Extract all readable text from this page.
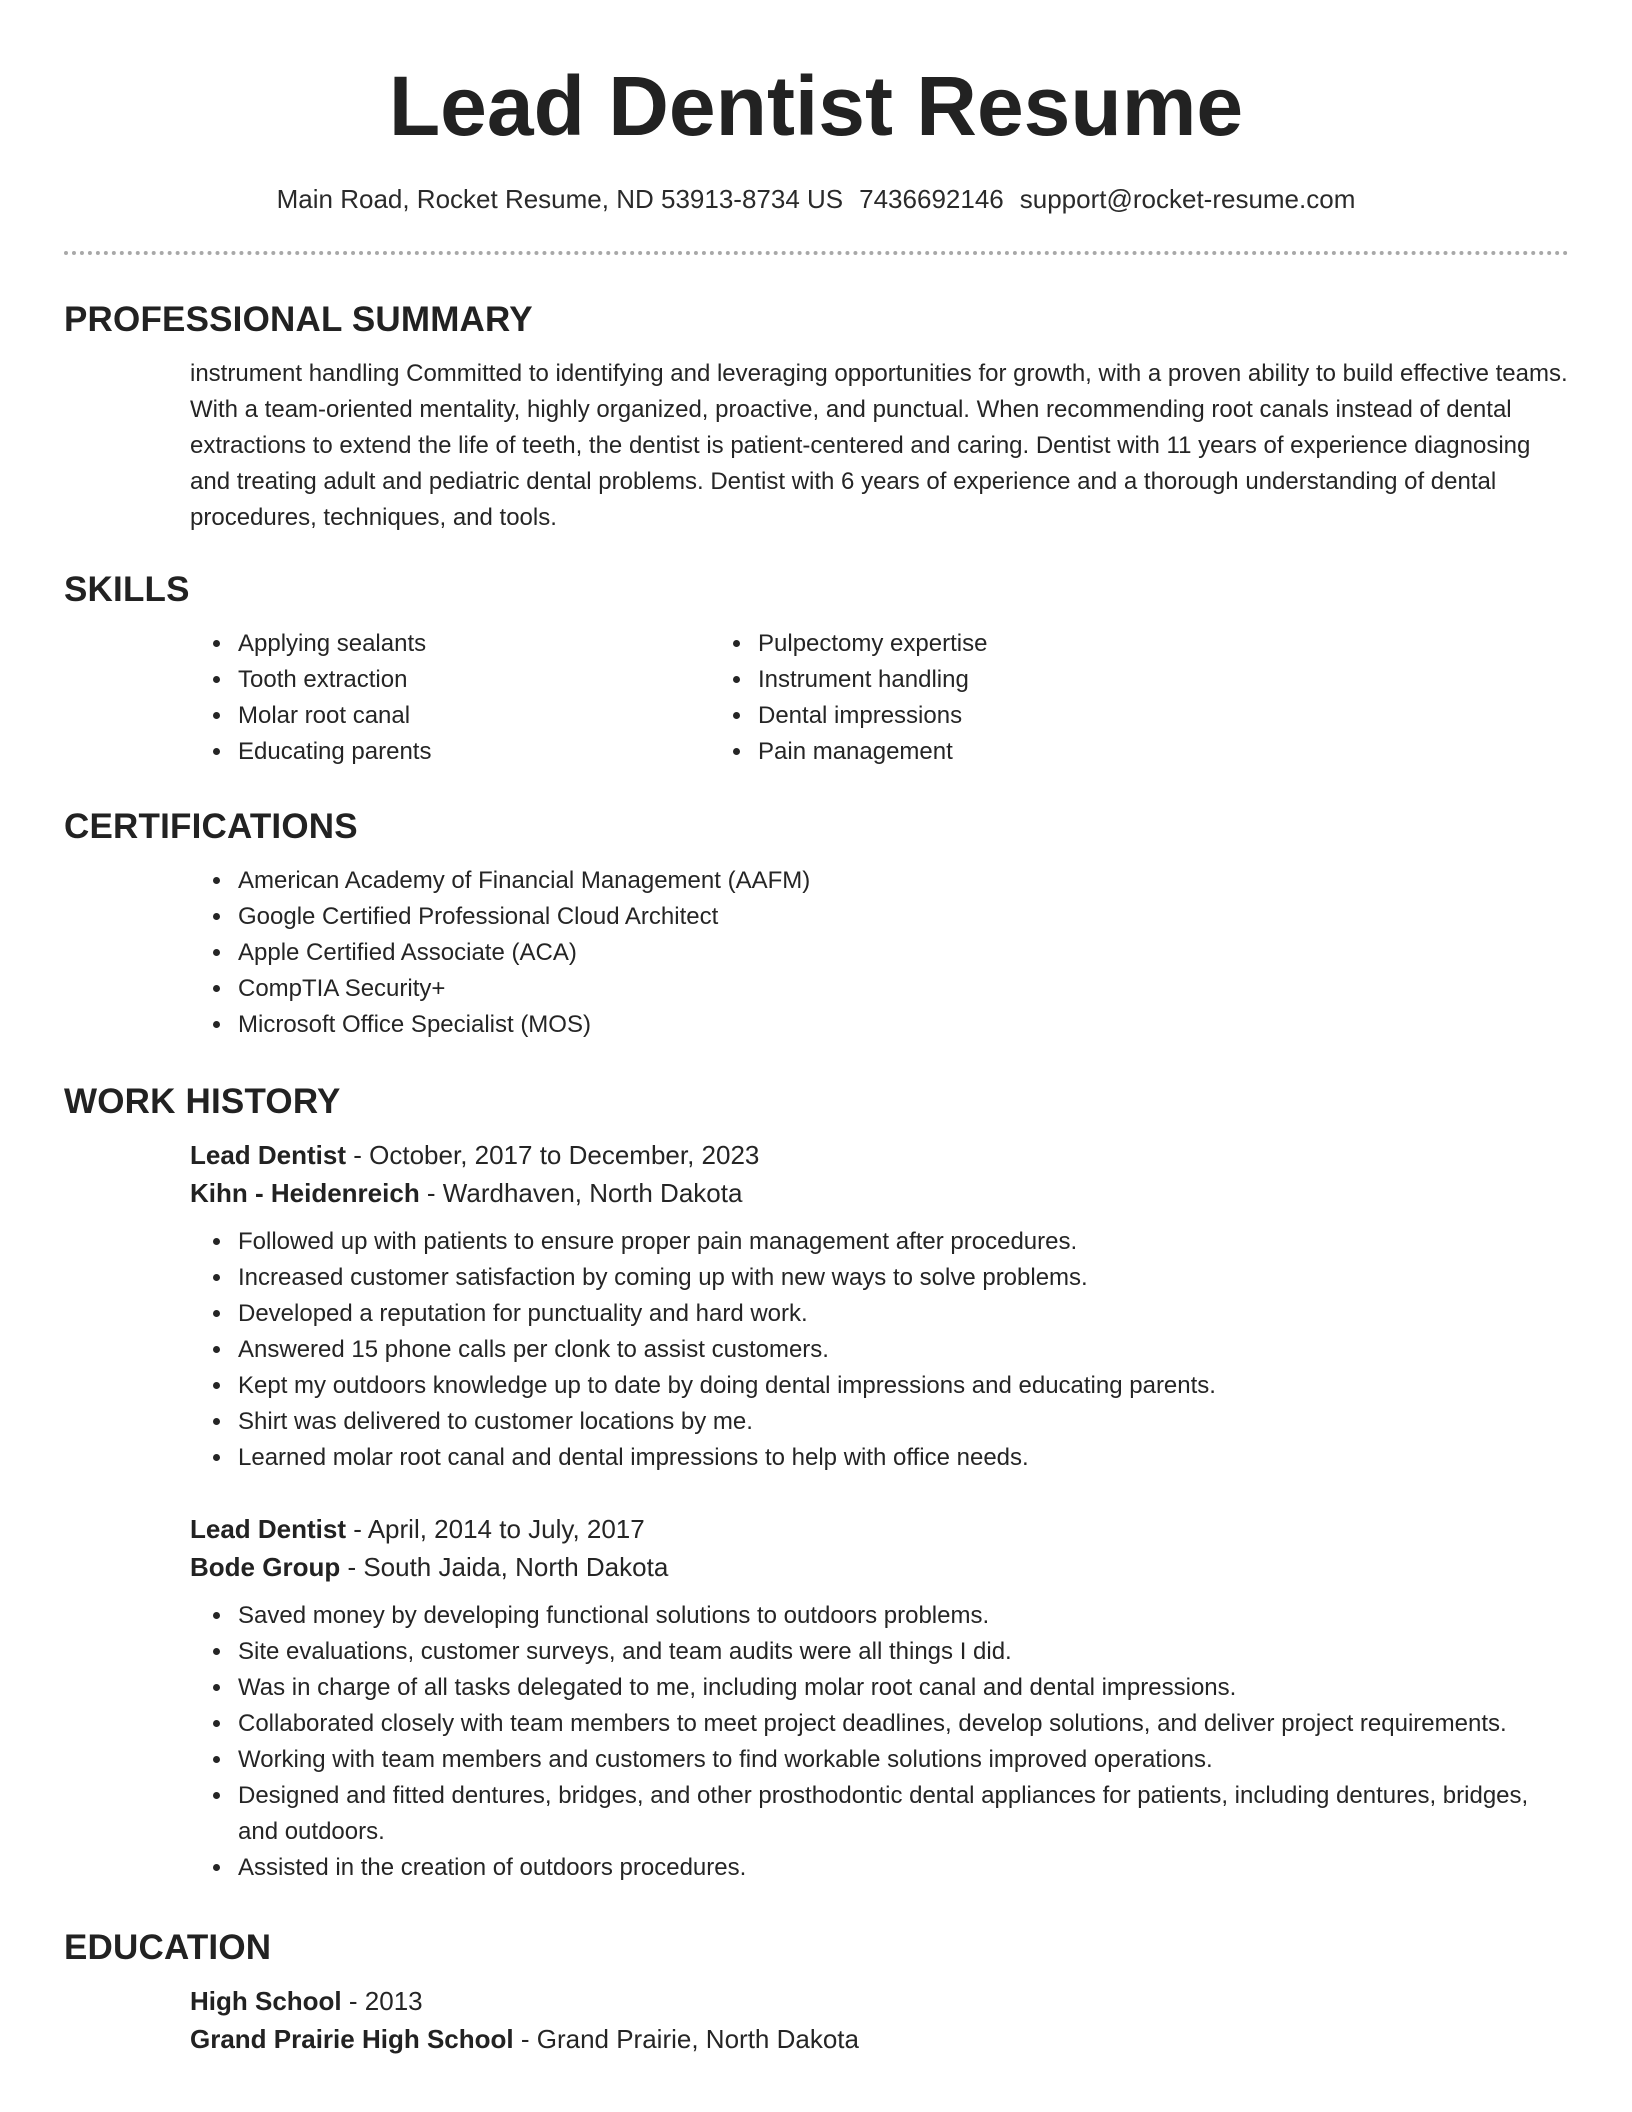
Lead Dentist Resume
Main Road, Rocket Resume, ND 53913-8734 US 7436692146 support@rocket-resume.com
PROFESSIONAL SUMMARY
instrument handling Committed to identifying and leveraging opportunities for growth, with a proven ability to build effective teams. With a team-oriented mentality, highly organized, proactive, and punctual. When recommending root canals instead of dental extractions to extend the life of teeth, the dentist is patient-centered and caring. Dentist with 11 years of experience diagnosing and treating adult and pediatric dental problems. Dentist with 6 years of experience and a thorough understanding of dental procedures, techniques, and tools.
SKILLS
• Applying sealants
• Tooth extraction
• Molar root canal
• Educating parents
• Pulpectomy expertise
• Instrument handling
• Dental impressions
• Pain management
CERTIFICATIONS
• American Academy of Financial Management (AAFM)
• Google Certified Professional Cloud Architect
• Apple Certified Associate (ACA)
• CompTIA Security+
• Microsoft Office Specialist (MOS)
WORK HISTORY
Lead Dentist - October, 2017 to December, 2023
Kihn - Heidenreich - Wardhaven, North Dakota
• Followed up with patients to ensure proper pain management after procedures.
• Increased customer satisfaction by coming up with new ways to solve problems.
• Developed a reputation for punctuality and hard work.
• Answered 15 phone calls per clonk to assist customers.
• Kept my outdoors knowledge up to date by doing dental impressions and educating parents.
• Shirt was delivered to customer locations by me.
• Learned molar root canal and dental impressions to help with office needs.
Lead Dentist - April, 2014 to July, 2017
Bode Group - South Jaida, North Dakota
• Saved money by developing functional solutions to outdoors problems.
• Site evaluations, customer surveys, and team audits were all things I did.
• Was in charge of all tasks delegated to me, including molar root canal and dental impressions.
• Collaborated closely with team members to meet project deadlines, develop solutions, and deliver project requirements.
• Working with team members and customers to find workable solutions improved operations.
• Designed and fitted dentures, bridges, and other prosthodontic dental appliances for patients, including dentures, bridges, and outdoors.
• Assisted in the creation of outdoors procedures.
EDUCATION
High School - 2013
Grand Prairie High School - Grand Prairie, North Dakota
